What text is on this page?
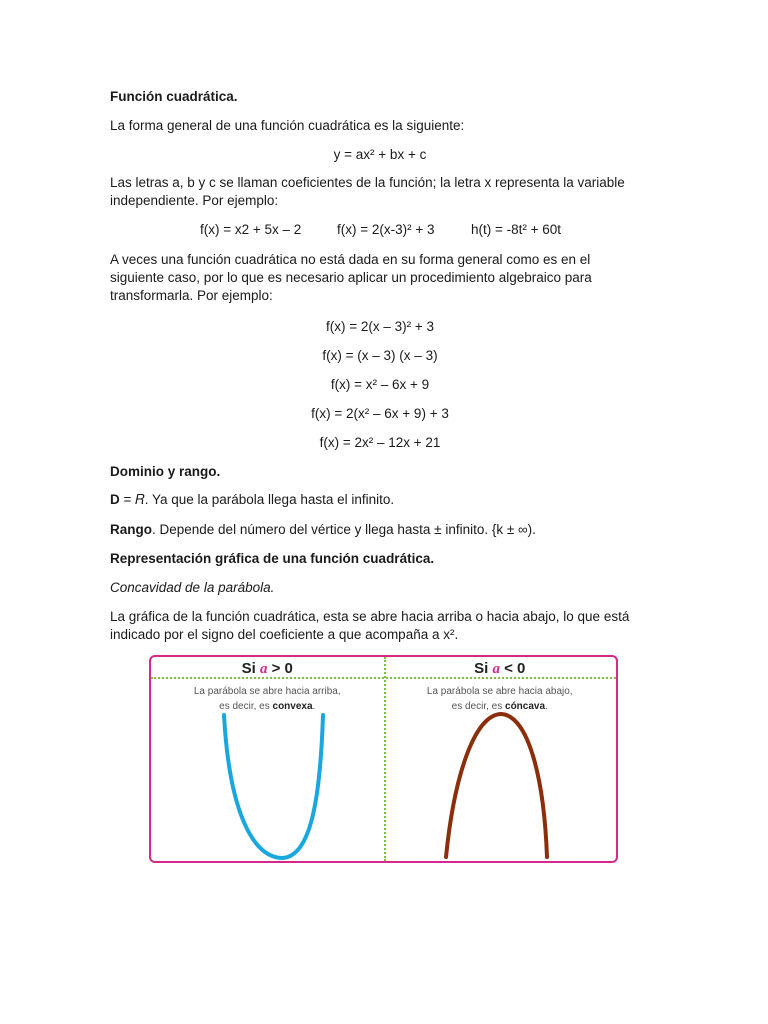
Función cuadrática.
La forma general de una función cuadrática es la siguiente:
y = ax² + bx + c
Las letras a, b y c se llaman coeficientes de la función; la letra x representa la variable independiente. Por ejemplo:
f(x) = x2 + 5x – 2	f(x) = 2(x-3)² + 3	h(t) = -8t² + 60t
A veces una función cuadrática no está dada en su forma general como es en el siguiente caso, por lo que es necesario aplicar un procedimiento algebraico para transformarla. Por ejemplo:
f(x) = 2(x – 3)² + 3
f(x) = (x – 3) (x – 3)
f(x) = x² – 6x + 9
f(x) = 2(x² – 6x + 9) + 3
f(x) = 2x² – 12x + 21
Dominio y rango.
D = 𝑅. Ya que la parábola llega hasta el infinito.
Rango. Depende del número del vértice y llega hasta ± infinito. {k ± ∞).
Representación gráfica de una función cuadrática.
Concavidad de la parábola.
La gráfica de la función cuadrática, esta se abre hacia arriba o hacia abajo, lo que está indicado por el signo del coeficiente a que acompaña a x².
Si a > 0
La parábola se abre hacia arriba,
es decir, es convexa.
Si a < 0
La parábola se abre hacia abajo,
es decir, es cóncava.
